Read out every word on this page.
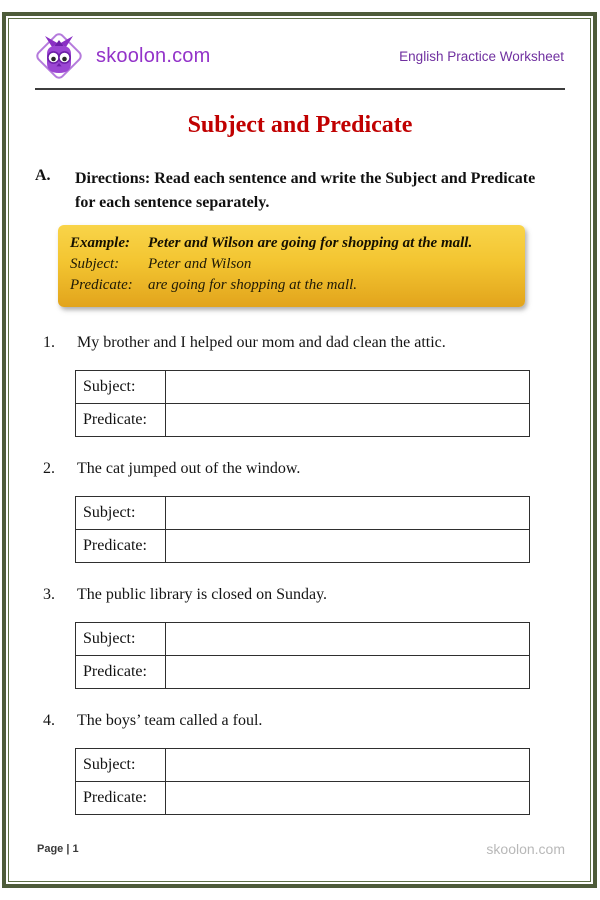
skoolon.com	English Practice Worksheet
Subject and Predicate
A.	Directions: Read each sentence and write the Subject and Predicate for each sentence separately.
Example: Peter and Wilson are going for shopping at the mall.
Subject: Peter and Wilson
Predicate: are going for shopping at the mall.
1. My brother and I helped our mom and dad clean the attic.
Subject:	
Predicate:	
2. The cat jumped out of the window.
Subject:	
Predicate:	
3. The public library is closed on Sunday.
Subject:	
Predicate:	
4. The boys’ team called a foul.
Subject:	
Predicate:	
Page | 1	skoolon.com
